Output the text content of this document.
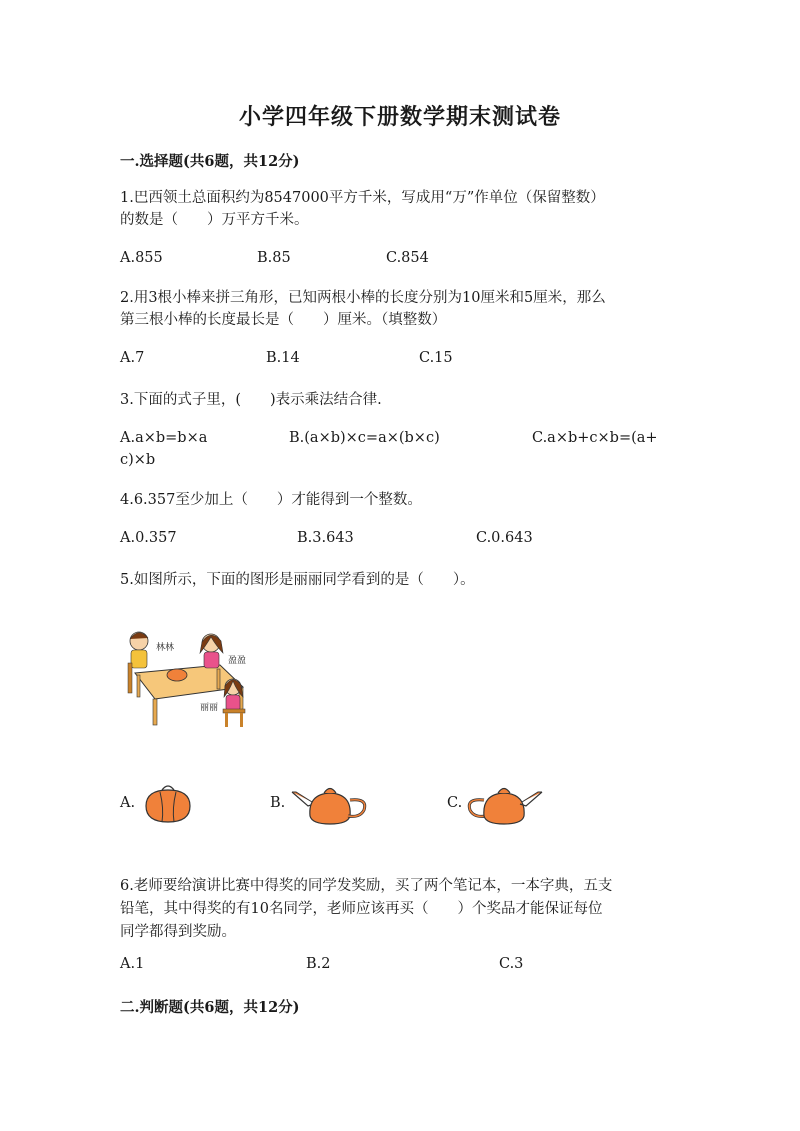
小学四年级下册数学期末测试卷
一.选择题(共6题，共12分)
1.巴西领土总面积约为8547000平方千米，写成用“万”作单位（保留整数）
的数是（　　）万平方千米。
A.855	B.85	C.854
2.用3根小棒来拼三角形，已知两根小棒的长度分别为10厘米和5厘米，那么
第三根小棒的长度最长是（　　）厘米。（填整数）
A.7	B.14	C.15
3.下面的式子里，(　　)表示乘法结合律.
A.a×b=b×a	B.(a×b)×c=a×(b×c)	C.a×b+c×b=(a+
c)×b
4.6.357至少加上（　　）才能得到一个整数。
A.0.357	B.3.643	C.0.643
5.如图所示，下面的图形是丽丽同学看到的是（　　）。
林林
盈盈
丽丽
A.	B.	C.
6.老师要给演讲比赛中得奖的同学发奖励，买了两个笔记本，一本字典，五支
铅笔，其中得奖的有10名同学，老师应该再买（　　）个奖品才能保证每位
同学都得到奖励。
A.1	B.2	C.3
二.判断题(共6题，共12分)
